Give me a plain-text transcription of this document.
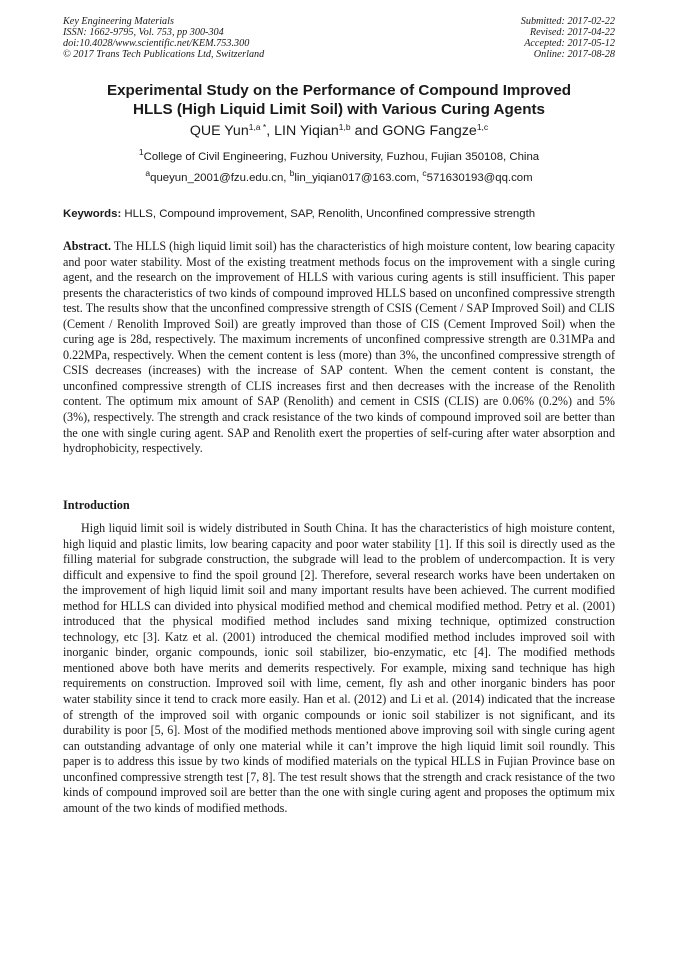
Key Engineering Materials
ISSN: 1662-9795, Vol. 753, pp 300-304
doi:10.4028/www.scientific.net/KEM.753.300
© 2017 Trans Tech Publications Ltd, Switzerland
Submitted: 2017-02-22
Revised: 2017-04-22
Accepted: 2017-05-12
Online: 2017-08-28
Experimental Study on the Performance of Compound Improved
HLLS (High Liquid Limit Soil) with Various Curing Agents
QUE Yun$^{1,a *}$, LIN Yiqian$^{1,b}$ and GONG Fangze$^{1,c}$
$^1$College of Civil Engineering, Fuzhou University, Fuzhou, Fujian 350108, China
$^a$queyun_2001@fzu.edu.cn, $^b$lin_yiqian017@163.com, $^c$571630193@qq.com
Keywords: HLLS, Compound improvement, SAP, Renolith, Unconfined compressive strength
Abstract. The HLLS (high liquid limit soil) has the characteristics of high moisture content, low bearing capacity and poor water stability. Most of the existing treatment methods focus on the improvement with a single curing agent, and the research on the improvement of HLLS with various curing agents is still insufficient. This paper presents the characteristics of two kinds of compound improved HLLS based on unconfined compressive strength test. The results show that the unconfined compressive strength of CSIS (Cement / SAP Improved Soil) and CLIS (Cement / Renolith Improved Soil) are greatly improved than those of CIS (Cement Improved Soil) when the curing age is 28d, respectively. The maximum increments of unconfined compressive strength are 0.31MPa and 0.22MPa, respectively. When the cement content is less (more) than 3%, the unconfined compressive strength of CSIS decreases (increases) with the increase of SAP content. When the cement content is constant, the unconfined compressive strength of CLIS increases first and then decreases with the increase of the Renolith content. The optimum mix amount of SAP (Renolith) and cement in CSIS (CLIS) are 0.06% (0.2%) and 5% (3%), respectively. The strength and crack resistance of the two kinds of compound improved soil are better than the one with single curing agent. SAP and Renolith exert the properties of self-curing after water absorption and hydrophobicity, respectively.
Introduction
High liquid limit soil is widely distributed in South China. It has the characteristics of high moisture content, high liquid and plastic limits, low bearing capacity and poor water stability [1]. If this soil is directly used as the filling material for subgrade construction, the subgrade will lead to the problem of undercompaction. It is very difficult and expensive to find the spoil ground [2]. Therefore, several research works have been undertaken on the improvement of high liquid limit soil and many important results have been achieved. The current modified method for HLLS can divided into physical modified method and chemical modified method. Petry et al. (2001) introduced that the physical modified method includes sand mixing technique, optimized construction technology, etc [3]. Katz et al. (2001) introduced the chemical modified method includes improved soil with inorganic binder, organic compounds, ionic soil stabilizer, bio-enzymatic, etc [4]. The modified methods mentioned above both have merits and demerits respectively. For example, mixing sand technique has high requirements on construction. Improved soil with lime, cement, fly ash and other inorganic binders has poor water stability since it tend to crack more easily. Han et al. (2012) and Li et al. (2014) indicated that the increase of strength of the improved soil with organic compounds or ionic soil stabilizer is not significant, and its durability is poor [5, 6]. Most of the modified methods mentioned above improving soil with single curing agent can outstanding advantage of only one material while it can’t improve the high liquid limit soil roundly. This paper is to address this issue by two kinds of modified materials on the typical HLLS in Fujian Province base on unconfined compressive strength test [7, 8]. The test result shows that the strength and crack resistance of the two kinds of compound improved soil are better than the one with single curing agent and proposes the optimum mix amount of the two kinds of modified methods.
